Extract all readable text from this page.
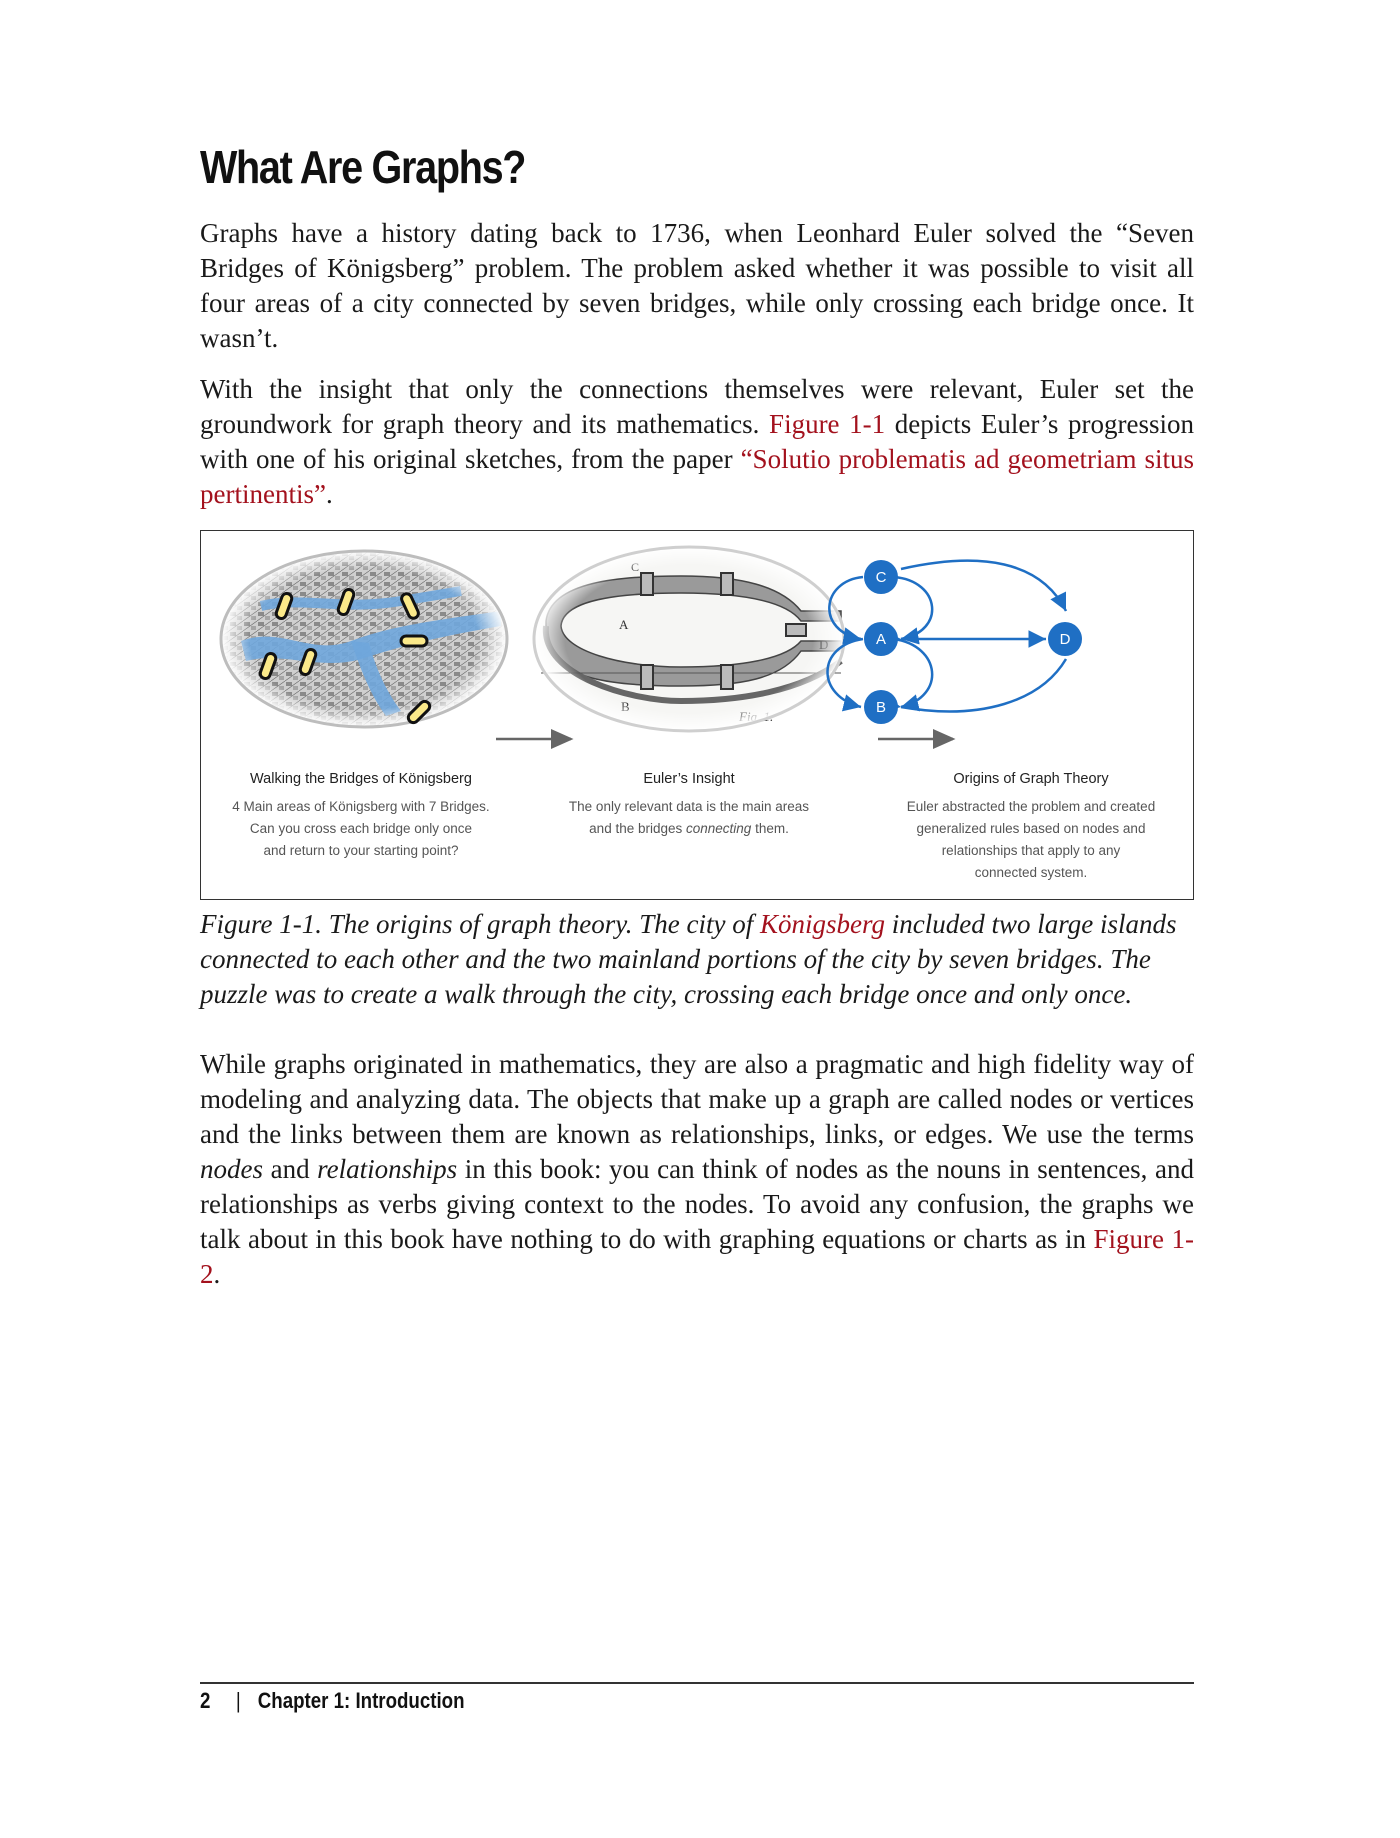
What Are Graphs?

Graphs have a history dating back to 1736, when Leonhard Euler solved the “Seven Bridges of Königsberg” problem. The problem asked whether it was possible to visit all four areas of a city connected by seven bridges, while only crossing each bridge once. It wasn’t.

With the insight that only the connections themselves were relevant, Euler set the groundwork for graph theory and its mathematics. Figure 1-1 depicts Euler’s progression with one of his original sketches, from the paper “Solutio problematis ad geometriam situs pertinentis”.

C
A
B
D
Walking the Bridges of Königsberg
4 Main areas of Königsberg with 7 Bridges.
Can you cross each bridge only once
and return to your starting point?
Euler’s Insight
The only relevant data is the main areas
and the bridges connecting them.
Origins of Graph Theory
Euler abstracted the problem and created
generalized rules based on nodes and
relationships that apply to any
connected system.

Figure 1-1. The origins of graph theory. The city of Königsberg included two large islands connected to each other and the two mainland portions of the city by seven bridges. The puzzle was to create a walk through the city, crossing each bridge once and only once.

While graphs originated in mathematics, they are also a pragmatic and high fidelity way of modeling and analyzing data. The objects that make up a graph are called nodes or vertices and the links between them are known as relationships, links, or edges. We use the terms nodes and relationships in this book: you can think of nodes as the nouns in sentences, and relationships as verbs giving context to the nodes. To avoid any confusion, the graphs we talk about in this book have nothing to do with graphing equations or charts as in Figure 1-2.

2 | Chapter 1: Introduction
